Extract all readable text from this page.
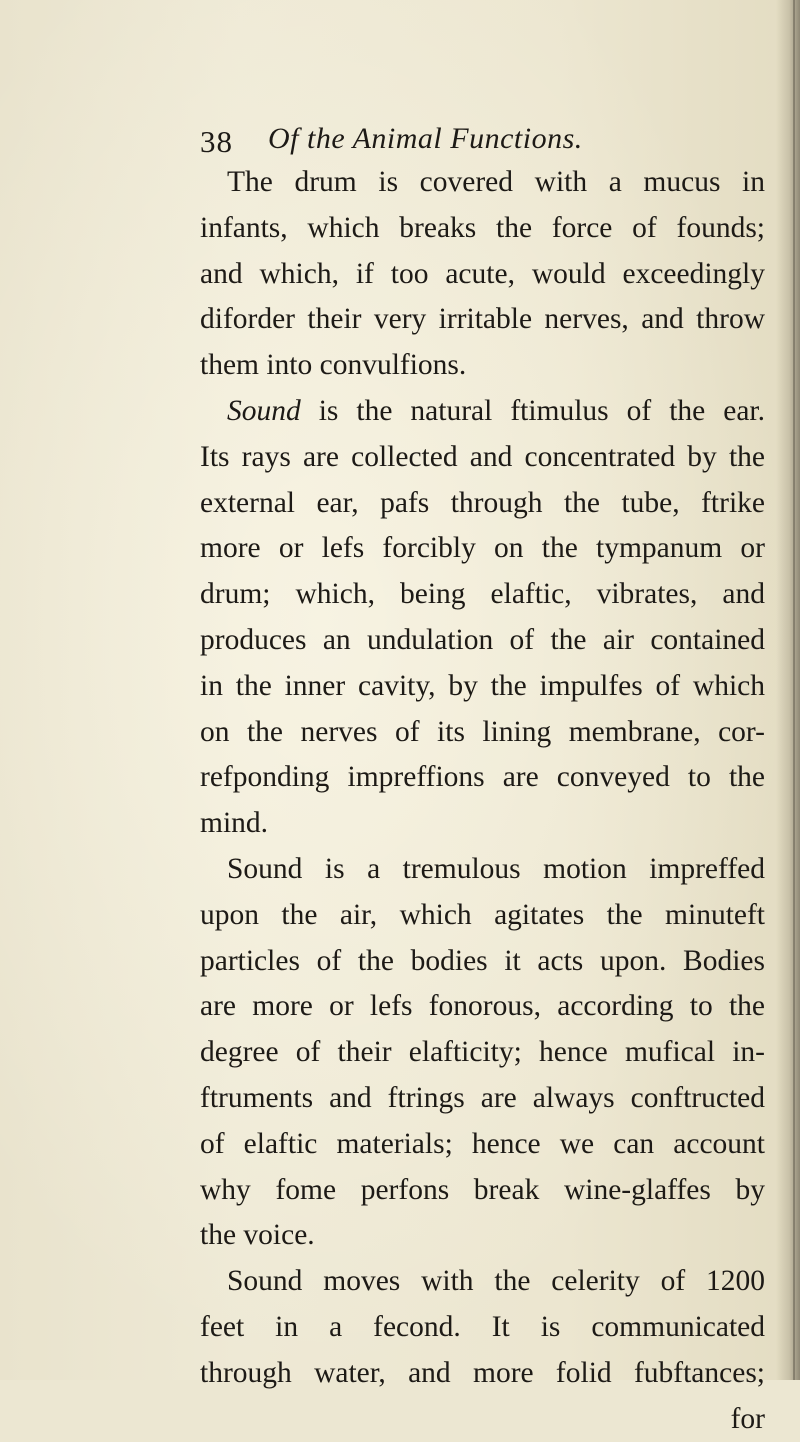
38 Of the Animal Functions.
The drum is covered with a mucus in
infants, which breaks the force of founds;
and which, if too acute, would exceedingly
diforder their very irritable nerves, and throw
them into convulfions.
Sound is the natural ftimulus of the ear.
Its rays are collected and concentrated by the
external ear, pafs through the tube, ftrike
more or lefs forcibly on the tympanum or
drum; which, being elaftic, vibrates, and
produces an undulation of the air contained
in the inner cavity, by the impulfes of which
on the nerves of its lining membrane, cor-
refponding impreffions are conveyed to the
mind.
Sound is a tremulous motion impreffed
upon the air, which agitates the minuteft
particles of the bodies it acts upon. Bodies
are more or lefs fonorous, according to the
degree of their elafticity; hence mufical in-
ftruments and ftrings are always conftructed
of elaftic materials; hence we can account
why fome perfons break wine-glaffes by
the voice.
Sound moves with the celerity of 1200
feet in a fecond. It is communicated
through water, and more folid fubftances;
for
